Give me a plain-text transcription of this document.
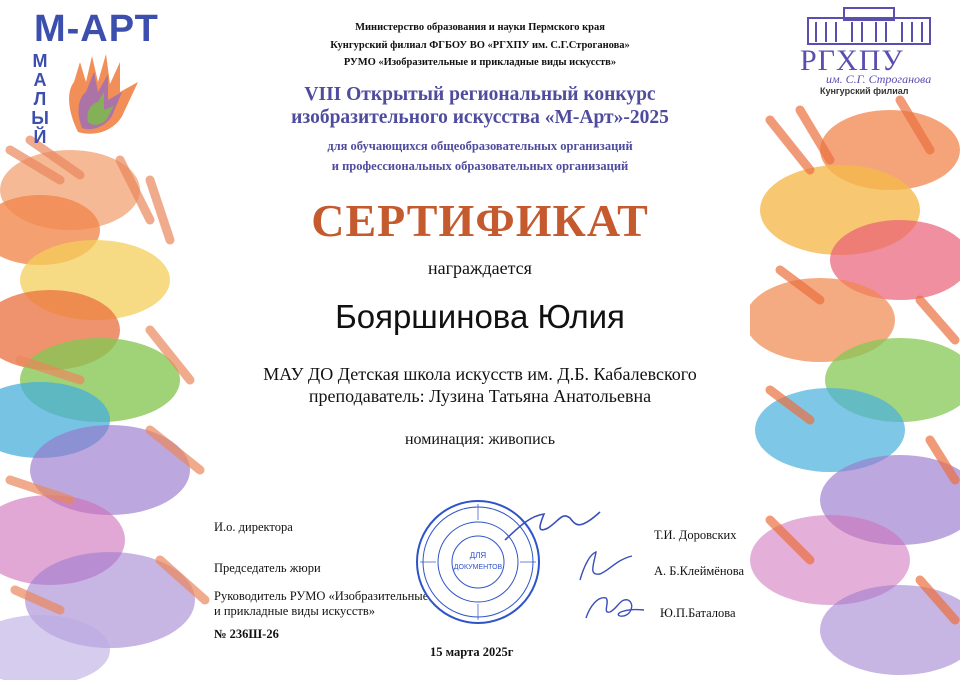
М-АРТ
МАЛЫЙ
РГХПУ
им. С.Г. Строганова
Кунгурский филиал
Министерство образования и науки Пермского края
Кунгурский филиал ФГБОУ ВО «РГХПУ им. С.Г.Строганова»
РУМО «Изобразительные и прикладные виды искусств»
VIII Открытый региональный конкурс
изобразительного искусства «М-Арт»-2025
для обучающихся общеобразовательных организаций
и профессиональных образовательных организаций
СЕРТИФИКАТ
награждается
Бояршинова Юлия
МАУ ДО Детская школа искусств им. Д.Б. Кабалевского
преподаватель: Лузина Татьяна Анатольевна
номинация: живопись
И.о. директора
Т.И. Доровских
Председатель жюри	А. Б.Клеймёнова
Руководитель РУМО «Изобразительные
и прикладные виды искусств»	Ю.П.Баталова
ДЛЯ
ДОКУМЕНТОВ
№ 236Ш-26
15 марта 2025г
